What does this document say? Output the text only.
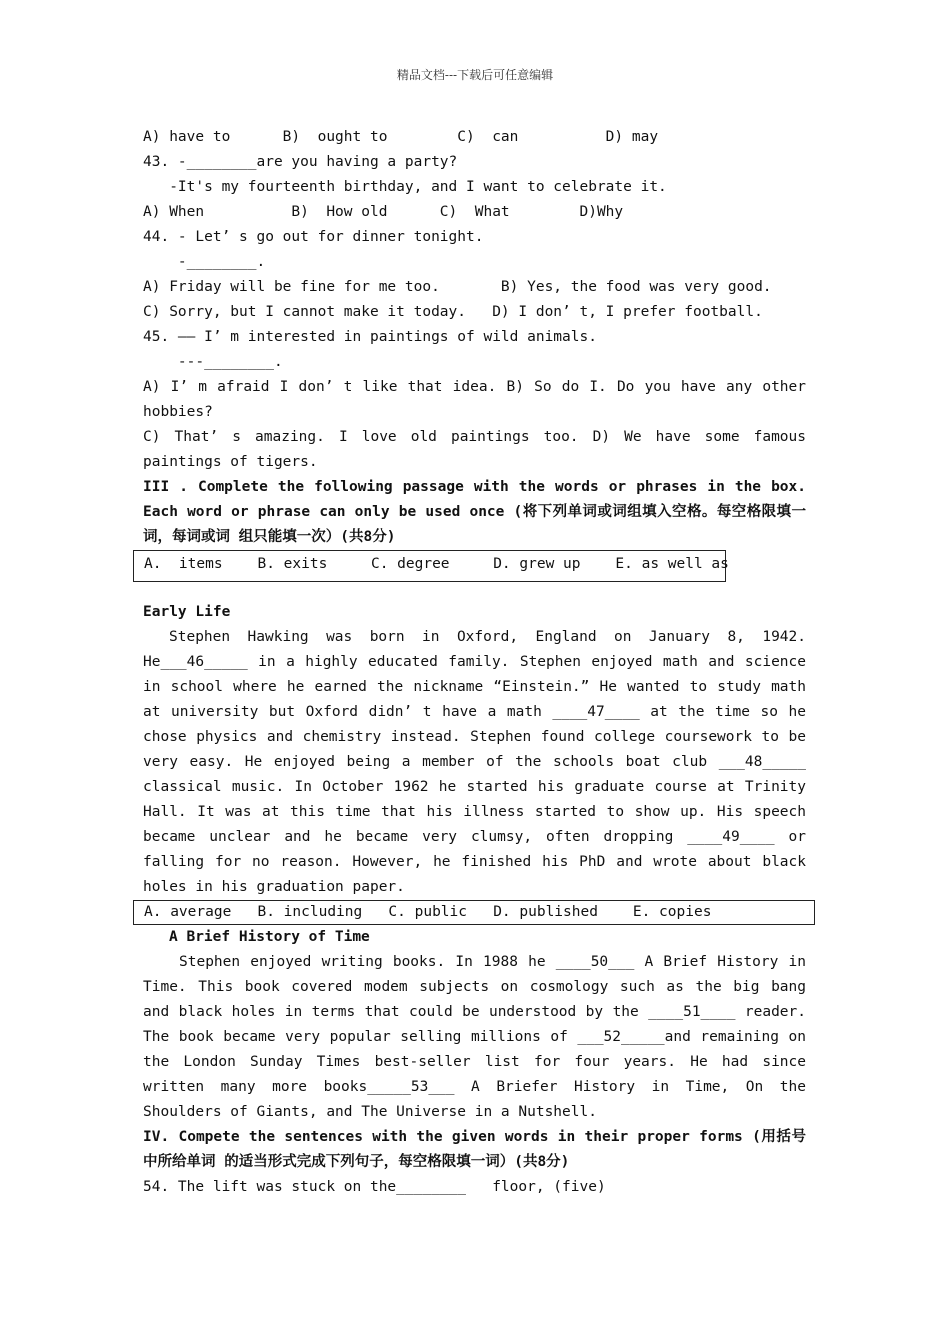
精品文档---下载后可任意编辑
A) have to      B)  ought to        C)  can          D) may
43. -________are you having a party?
-It's my fourteenth birthday, and I want to celebrate it.
A) When          B)  How old      C)  What        D)Why
44. - Let’ s go out for dinner tonight.
-________.
A) Friday will be fine for me too.       B) Yes, the food was very good.
C) Sorry, but I cannot make it today.   D) I don’ t, I prefer football.
45. —— I’ m interested in paintings of wild animals.
---________.
A) I’ m afraid I don’ t like that idea. B) So do I. Do you have any other hobbies?
C) That’ s amazing. I love old paintings too. D) We have some famous paintings of tigers.
III . Complete the following passage with the words or phrases in the box. Each word or phrase can only be used once (将下列单词或词组填入空格。每空格限填一词，每词或词 组只能填一次）(共8分)
A.  items    B. exits     C. degree     D. grew up    E. as well as
Early Life
Stephen Hawking was born in Oxford, England on January 8, 1942. He___46_____ in a highly educated family. Stephen enjoyed math and science in school where he earned the nickname “Einstein.” He wanted to study math at university but Oxford didn’ t have a math ____47____ at the time so he chose physics and chemistry instead. Stephen found college coursework to be very easy. He enjoyed being a member of the schools boat club ___48_____ classical music. In October 1962 he started his graduate course at Trinity Hall. It was at this time that his illness started to show up. His speech became unclear and he became very clumsy, often dropping ____49____ or falling for no reason. However, he finished his PhD and wrote about black holes in his graduation paper.
A. average   B. including   C. public   D. published    E. copies
A Brief History of Time
Stephen enjoyed writing books. In 1988 he ____50___ A Brief History in Time. This book covered modem subjects on cosmology such as the big bang and black holes in terms that could be understood by the ____51____ reader. The book became very popular selling millions of ___52_____and remaining on the London Sunday Times best-seller list for four years. He had since written many more books_____53___ A Briefer History in Time, On the Shoulders of Giants, and The Universe in a Nutshell.
IV. Compete the sentences with the given words in their proper forms (用括号中所给单词 的适当形式完成下列句子，每空格限填一词）(共8分)
54. The lift was stuck on the________   floor, (five)
